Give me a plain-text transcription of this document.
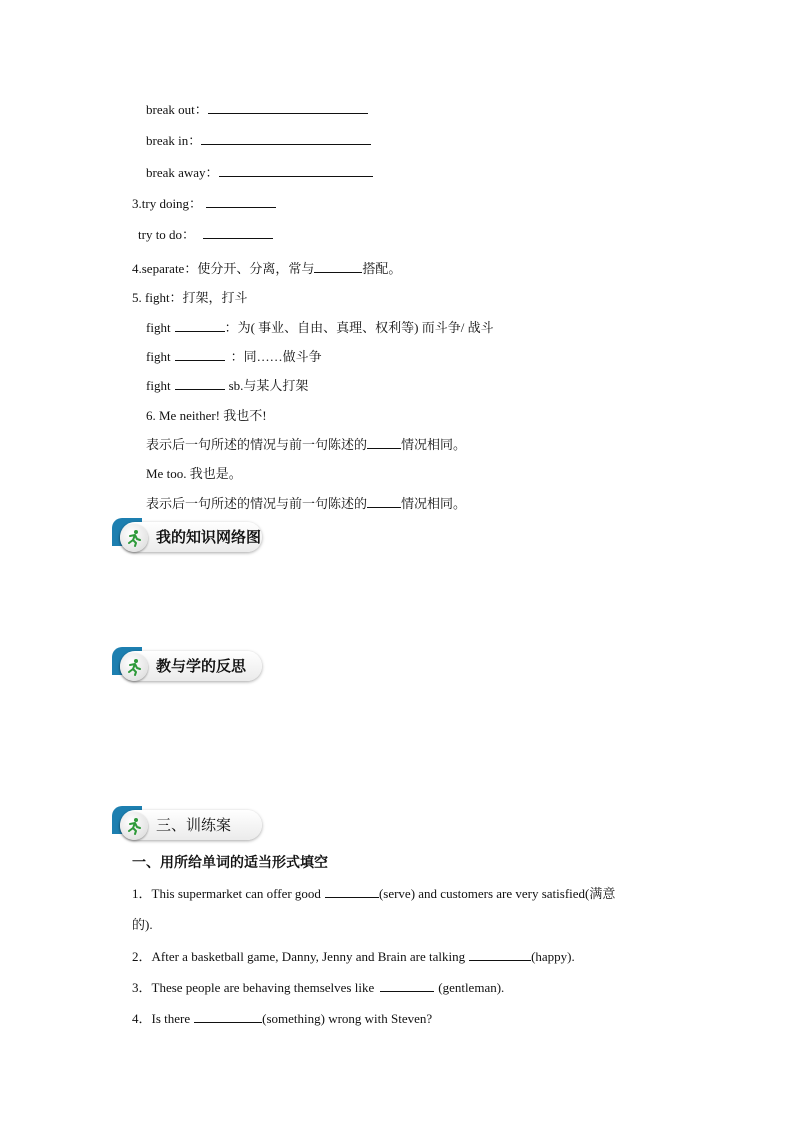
break out：
break in：
break away：
3.try doing：
try to do：
4.separate：使分开、分离，常与	搭配。
5. fight：打架，打斗
fight	：为( 事业、自由、真理、权利等) 而斗争/ 战斗
fight	：同……做斗争
fight	sb.与某人打架
6. Me neither! 我也不!
表示后一句所述的情况与前一句陈述的	情况相同。
Me too. 我也是。
表示后一句所述的情况与前一句陈述的	情况相同。
我的知识网络图
教与学的反思
三、训练案
一、用所给单词的适当形式填空
1．This supermarket can offer good	(serve) and customers are very satisfied(满意
的).
2．After a basketball game, Danny, Jenny and Brain are talking	(happy).
3．These people are behaving themselves like	(gentleman).
4．Is there	(something) wrong with Steven?
